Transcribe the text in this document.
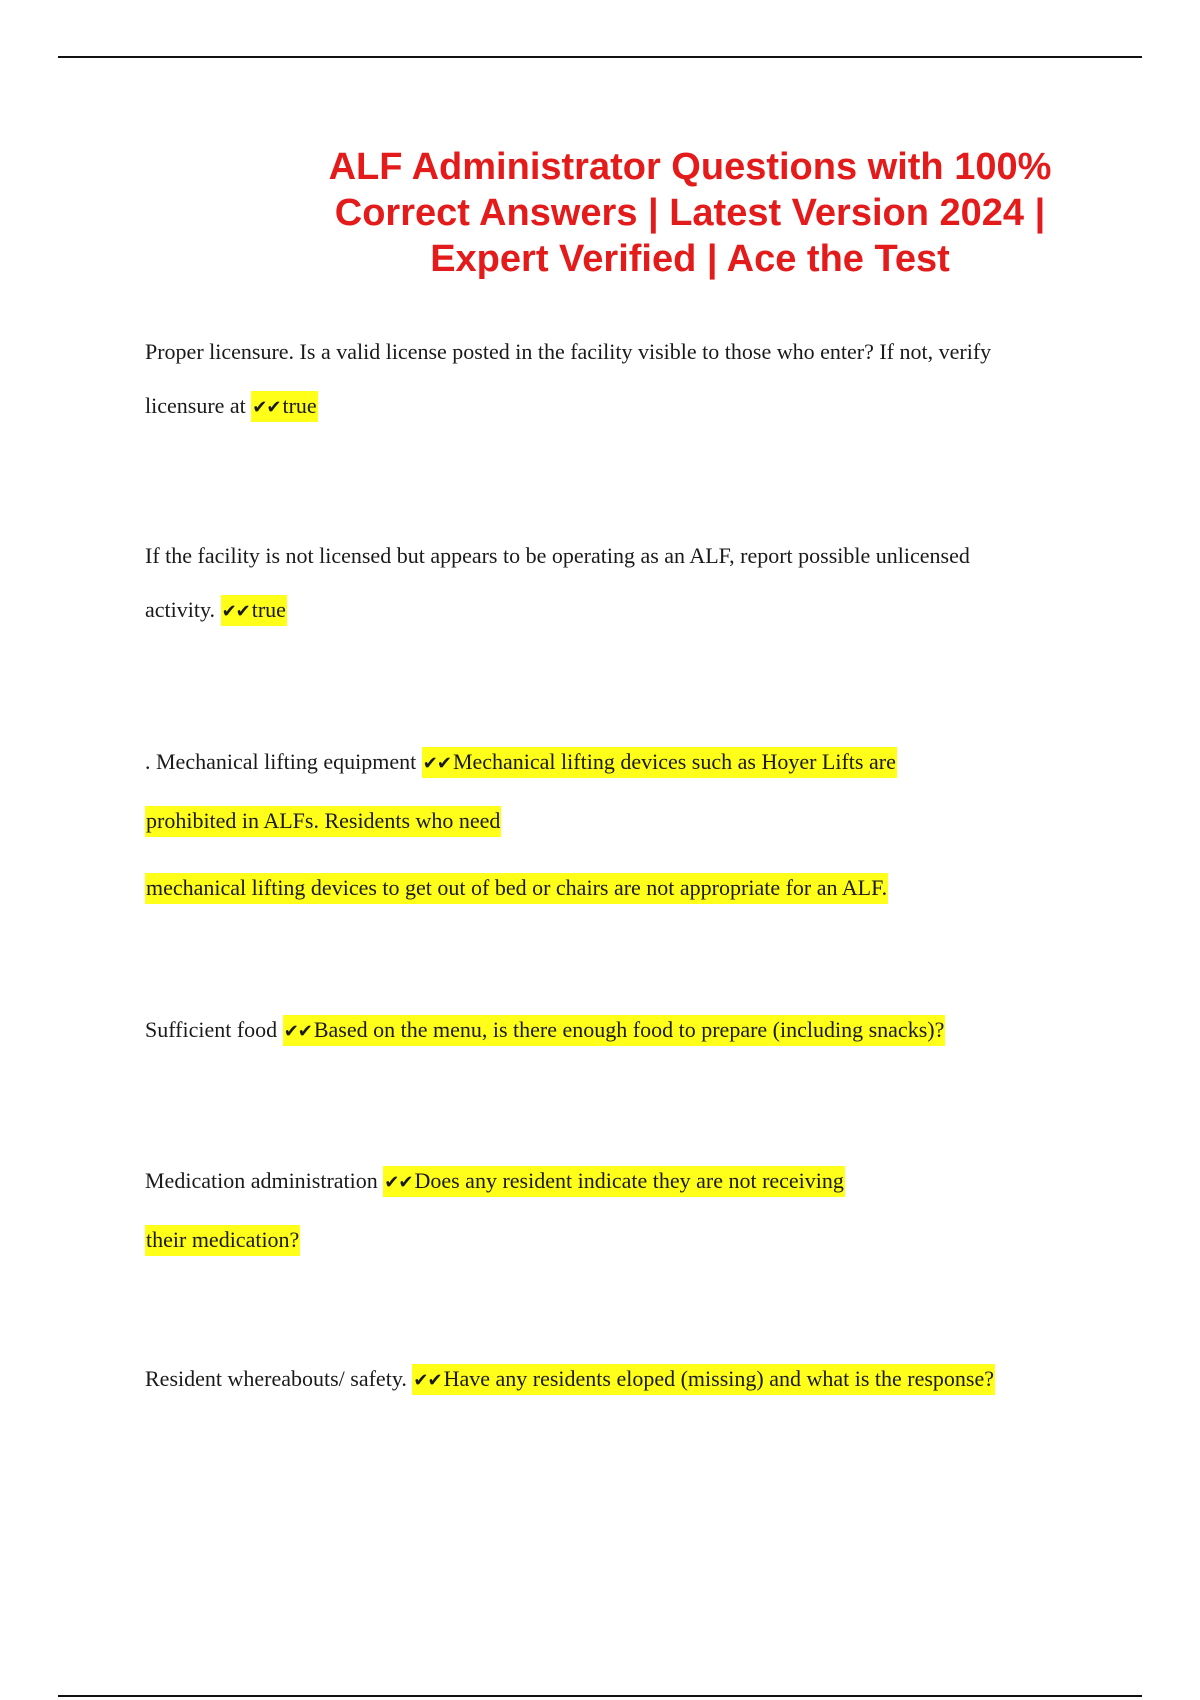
ALF Administrator Questions with 100% Correct Answers | Latest Version 2024 | Expert Verified | Ace the Test
Proper licensure. Is a valid license posted in the facility visible to those who enter? If not, verify
licensure at ✔✔true
If the facility is not licensed but appears to be operating as an ALF, report possible unlicensed
activity. ✔✔true
. Mechanical lifting equipment ✔✔Mechanical lifting devices such as Hoyer Lifts are
prohibited in ALFs. Residents who need
mechanical lifting devices to get out of bed or chairs are not appropriate for an ALF.
Sufficient food ✔✔Based on the menu, is there enough food to prepare (including snacks)?
Medication administration ✔✔Does any resident indicate they are not receiving
their medication?
Resident whereabouts/ safety. ✔✔Have any residents eloped (missing) and what is the response?
